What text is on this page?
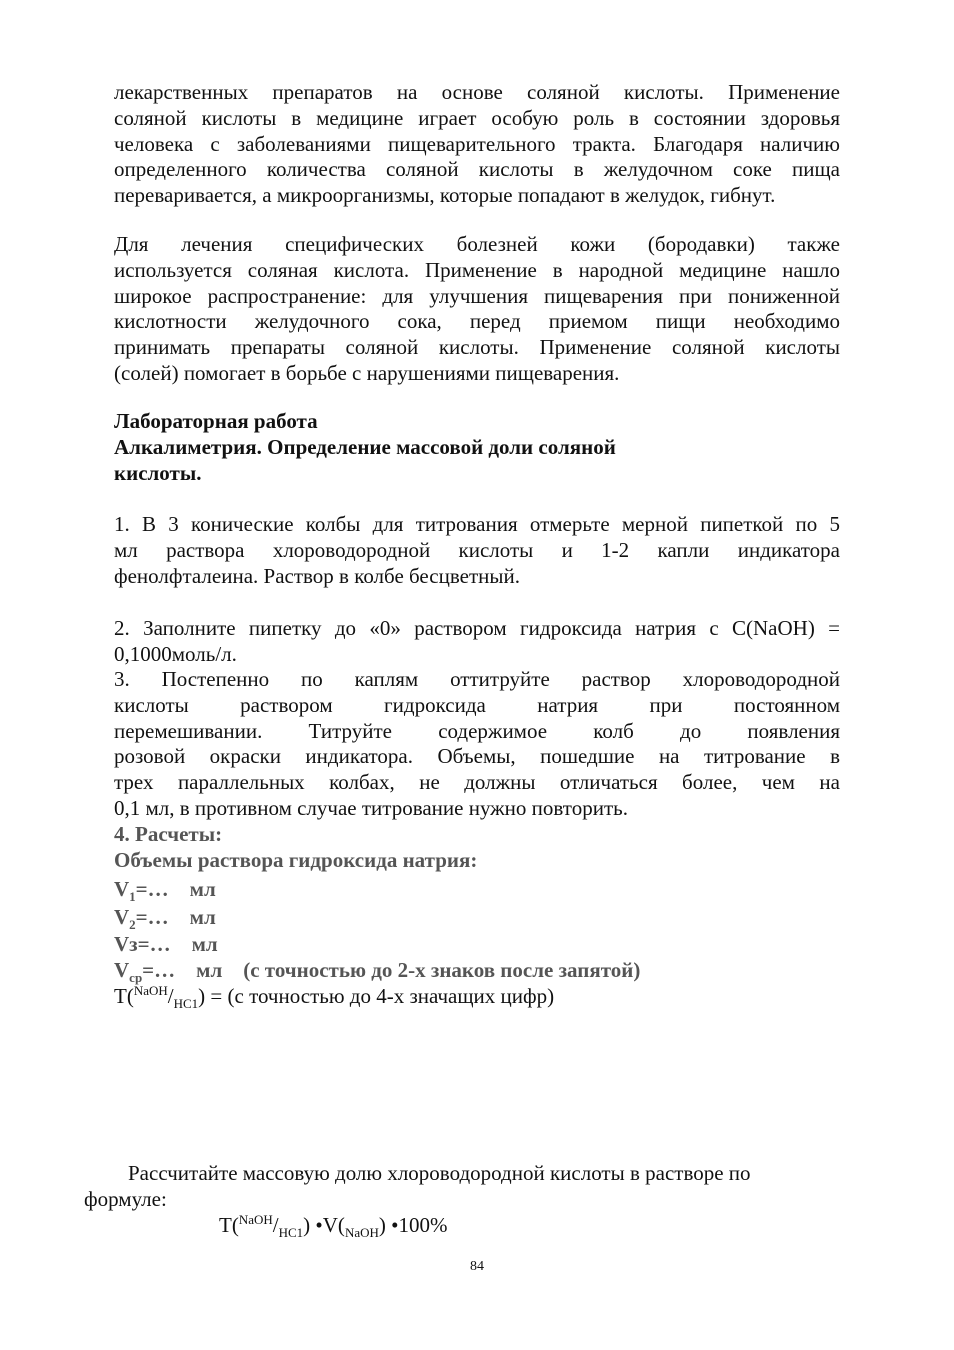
лекарственных препаратов на основе соляной кислоты. Применение
соляной кислоты в медицине играет особую роль в состоянии здоровья
человека с заболеваниями пищеварительного тракта. Благодаря наличию
определенного количества соляной кислоты в желудочном соке пища
переваривается, а микроорганизмы, которые попадают в желудок, гибнут.
Для лечения специфических болезней кожи (бородавки) также
используется соляная кислота. Применение в народной медицине нашло
широкое распространение: для улучшения пищеварения при пониженной
кислотности желудочного сока, перед приемом пищи необходимо
принимать препараты соляной кислоты. Применение соляной кислоты
(солей) помогает в борьбе с нарушениями пищеварения.
Лабораторная работа
Алкалиметрия. Определение массовой доли соляной
кислоты.
1. В 3 конические колбы для титрования отмерьте мерной пипеткой по 5
мл раствора хлороводородной кислоты и 1-2 капли индикатора
фенолфталеина. Раствор в колбе бесцветный.
2. Заполните пипетку до «0» раствором гидроксида натрия с C(NaOH) =
0,1000моль/л.
3. Постепенно по каплям оттитруйте раствор хлороводородной
кислоты раствором гидроксида натрия при постоянном
перемешивании. Титруйте содержимое колб до появления
розовой окраски индикатора. Объемы, пошедшие на титрование в
трех параллельных колбах, не должны отличаться более, чем на
0,1 мл, в противном случае титрование нужно повторить.
4. Расчеты:
Объемы раствора гидроксида натрия:
$V_1=\dots$    мл
$V_2=\dots$    мл
Vз=…    мл
$V_{ср}=\dots$    мл    (с точностью до 2-х знаков после запятой)
$T(^{NaOH}/_{HC1}) = (с$ точностью до 4-х значащих цифр)
Рассчитайте массовую долю хлороводородной кислоты в растворе по
формуле:
$T(^{NaOH}/_{HC1})$ $•V(_{NaOH})$ •100%
84
